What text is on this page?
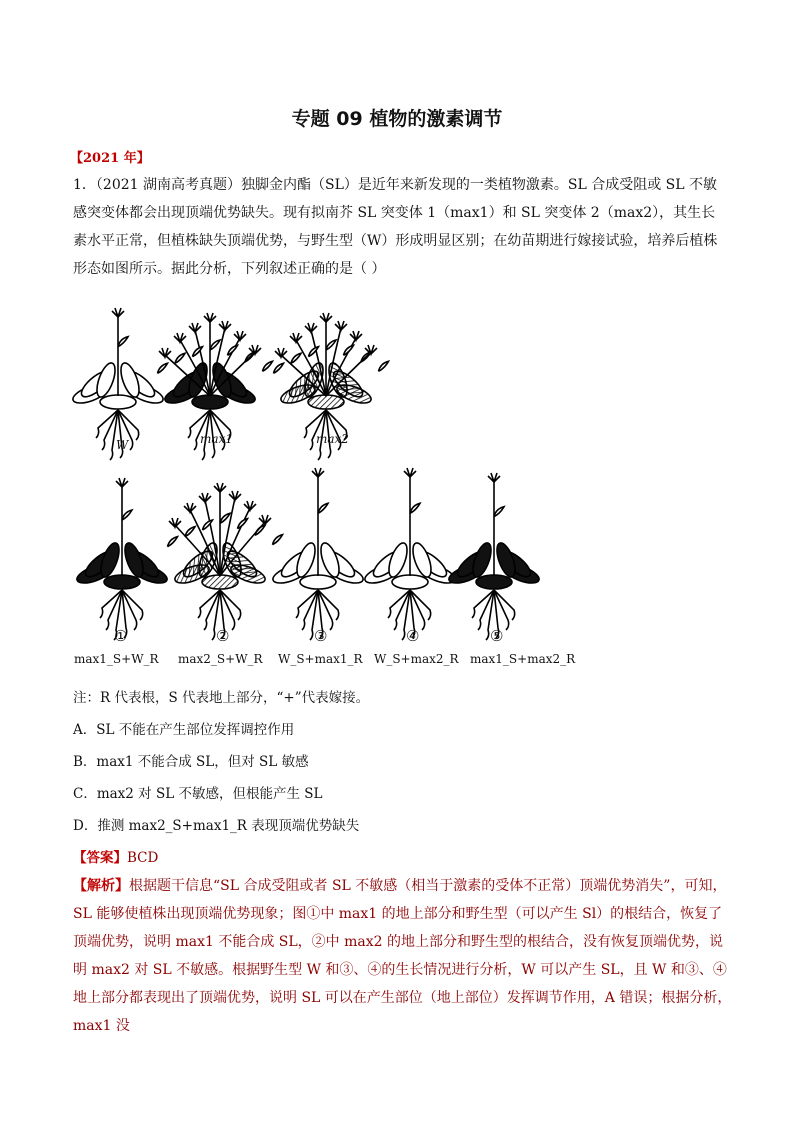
专题 09 植物的激素调节
【2021 年】
1．（2021 湖南高考真题）独脚金内酯（SL）是近年来新发现的一类植物激素。SL 合成受阻或 SL 不敏感突变体都会出现顶端优势缺失。现有拟南芥 SL 突变体 1（max1）和 SL 突变体 2（max2），其生长素水平正常，但植株缺失顶端优势，与野生型（W）形成明显区别；在幼苗期进行嫁接试验，培养后植株形态如图所示。据此分析，下列叙述正确的是（ ）
W	max1	max2
①	②	③	④	⑤
max1_S+W_R max2_S+W_R W_S+max1_R W_S+max2_R max1_S+max2_R
注：R 代表根，S 代表地上部分，“+”代表嫁接。
A．SL 不能在产生部位发挥调控作用
B．max1 不能合成 SL，但对 SL 敏感
C．max2 对 SL 不敏感，但根能产生 SL
D．推测 max2_S+max1_R 表现顶端优势缺失
【答案】BCD
【解析】根据题干信息“SL 合成受阻或者 SL 不敏感（相当于激素的受体不正常）顶端优势消失”，可知，SL 能够使植株出现顶端优势现象；图①中 max1 的地上部分和野生型（可以产生 Sl）的根结合，恢复了顶端优势，说明 max1 不能合成 SL，②中 max2 的地上部分和野生型的根结合，没有恢复顶端优势，说明 max2 对 SL 不敏感。根据野生型 W 和③、④的生长情况进行分析，W 可以产生 SL，且 W 和③、④地上部分都表现出了顶端优势，说明 SL 可以在产生部位（地上部位）发挥调节作用，A 错误；根据分析，max1 没
